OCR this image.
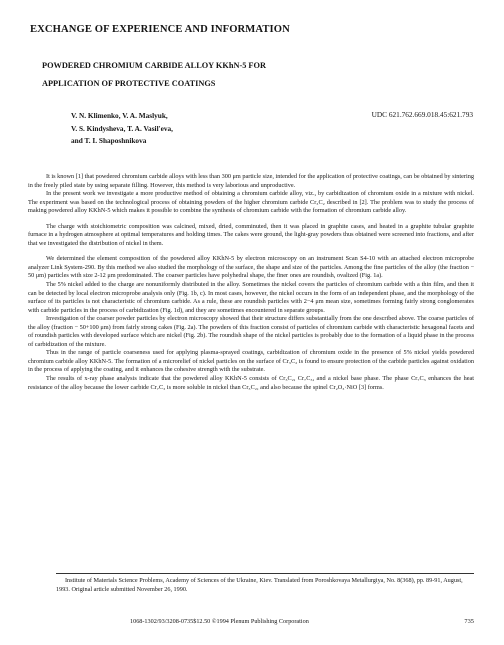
EXCHANGE OF EXPERIENCE AND INFORMATION
POWDERED CHROMIUM CARBIDE ALLOY KKhN-5 FOR
APPLICATION OF PROTECTIVE COATINGS
V. N. Klimenko, V. A. Maslyuk,
V. S. Kindysheva, T. A. Vasil'eva,
and T. I. Shaposhnikova
UDC 621.762.669.018.45:621.793

It is known [1] that powdered chromium carbide alloys with less than 300 μm particle size, intended for the application of protective coatings, can be obtained by sintering in the freely piled state by using separate filling. However, this method is very laborious and unproductive.

In the present work we investigate a more productive method of obtaining a chromium carbide alloy, viz., by carbidization of chromium oxide in a mixture with nickel. The experiment was based on the technological process of obtaining powders of the higher chromium carbide Cr₃C₂ described in [2]. The problem was to study the process of making powdered alloy KKhN-5 which makes it possible to combine the synthesis of chromium carbide with the formation of chromium carbide alloy.

The charge with stoichiometric composition was calcined, mixed, dried, comminuted, then it was placed in graphite cases, and heated in a graphite tubular graphite furnace in a hydrogen atmosphere at optimal temperatures and holding times. The cakes were ground, the light-gray powders thus obtained were screened into fractions, and after that we investigated the distribution of nickel in them.

We determined the element composition of the powdered alloy KKhN-5 by electron microscopy on an instrument Scan S4-10 with an attached electron microprobe analyzer Link System-290. By this method we also studied the morphology of the surface, the shape and size of the particles. Among the fine particles of the alloy (the fraction − 50 μm) particles with size 2-12 μm predominated. The coarser particles have polyhedral shape, the finer ones are roundish, ovalized (Fig. 1a).

The 5% nickel added to the charge are nonuniformly distributed in the alloy. Sometimes the nickel covers the particles of chromium carbide with a thin film, and then it can be detected by local electron microprobe analysis only (Fig. 1b, c). In most cases, however, the nickel occurs in the form of an independent phase, and the morphology of the surface of its particles is not characteristic of chromium carbide. As a rule, these are roundish particles with 2−4 μm mean size, sometimes forming fairly strong conglomerates with carbide particles in the process of carbidization (Fig. 1d), and they are sometimes encountered in separate groups.

Investigation of the coarser powder particles by electron microscopy showed that their structure differs substantially from the one described above. The coarse particles of the alloy (fraction − 50+100 μm) from fairly strong cakes (Fig. 2a). The powders of this fraction consist of particles of chromium carbide with characteristic hexagonal facets and of roundish particles with developed surface which are nickel (Fig. 2b). The roundish shape of the nickel particles is probably due to the formation of a liquid phase in the process of carbidization of the mixture.

Thus in the range of particle coarseness used for applying plasma-sprayed coatings, carbidization of chromium oxide in the presence of 5% nickel yields powdered chromium carbide alloy KKhN-5. The formation of a microrelief of nickel particles on the surface of Cr₃C₂ is found to ensure protection of the carbide particles against oxidation in the process of applying the coating, and it enhances the cohesive strength with the substrate.

The results of x-ray phase analysis indicate that the powdered alloy KKhN-5 consists of Cr₃C₂, Cr₇C₃, and a nickel base phase. The phase Cr₇C₃ enhances the heat resistance of the alloy because the lower carbide Cr₇C₃ is more soluble in nickel than Cr₃C₂, and also because the spinel Cr₂O₃·NiO [3] forms.

Institute of Materials Science Problems, Academy of Sciences of the Ukraine, Kiev. Translated from Poroshkovaya Metallurgiya, No. 8(368), pp. 89-91, August, 1993. Original article submitted November 26, 1990.

1068-1302/93/3208-0735$12.50 ©1994 Plenum Publishing Corporation	735
